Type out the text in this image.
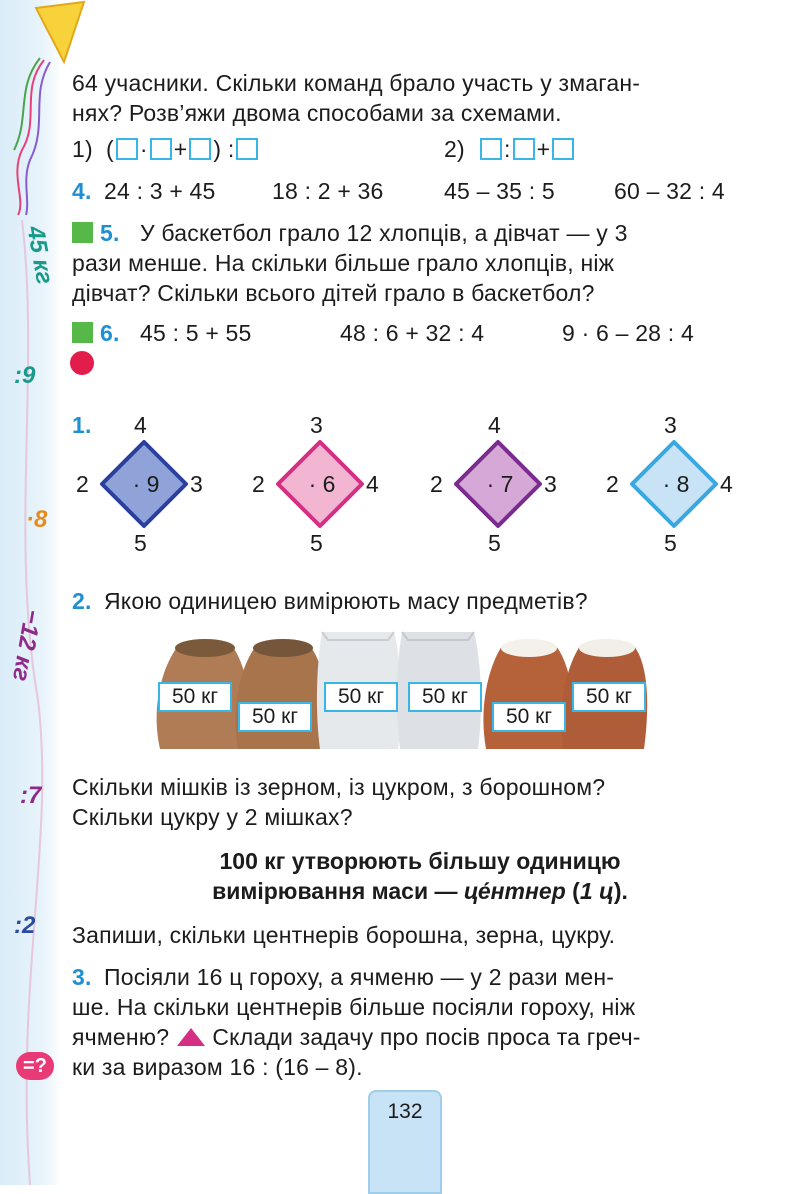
45 кг
:9
·8
−12 кг
:7
:2
=?
64 учасники. Скільки команд брало участь у змаган-
нях? Розв’яжи двома способами за схемами.
1)  ( · + ) :	2) : +
4. 24 : 3 + 45 18 : 2 + 36	45 – 35 : 5	60 – 32 : 4
5. У баскетбол грало 12 хлопців, а дівчат — у 3
рази менше. На скільки більше грало хлопців, ніж
дівчат? Скільки всього дітей грало в баскетбол?
6. 45 : 5 + 55	48 : 6 + 32 : 4	9 · 6 – 28 : 4
1.
· 9
4
5
2	3	· 6
3
5
2	4	· 7
4
5
2	3	· 8
3
5
2	4
2. Якою одиницею вимірюють масу предметів?
50 кг
50 кг
50 кг	50 кг
50 кг
50 кг
Скільки мішків із зерном, із цукром, з борошном?
Скільки цукру у 2 мішках?
100 кг утворюють більшу одиницю
вимірювання маси — це́нтнер (1 ц).
Запиши, скільки центнерів борошна, зерна, цукру.
3. Посіяли 16 ц гороху, а ячменю — у 2 рази мен-
ше. На скільки центнерів більше посіяли гороху, ніж
ячменю? Склади задачу про посів проса та греч-
ки за виразом 16 : (16 – 8).
132
